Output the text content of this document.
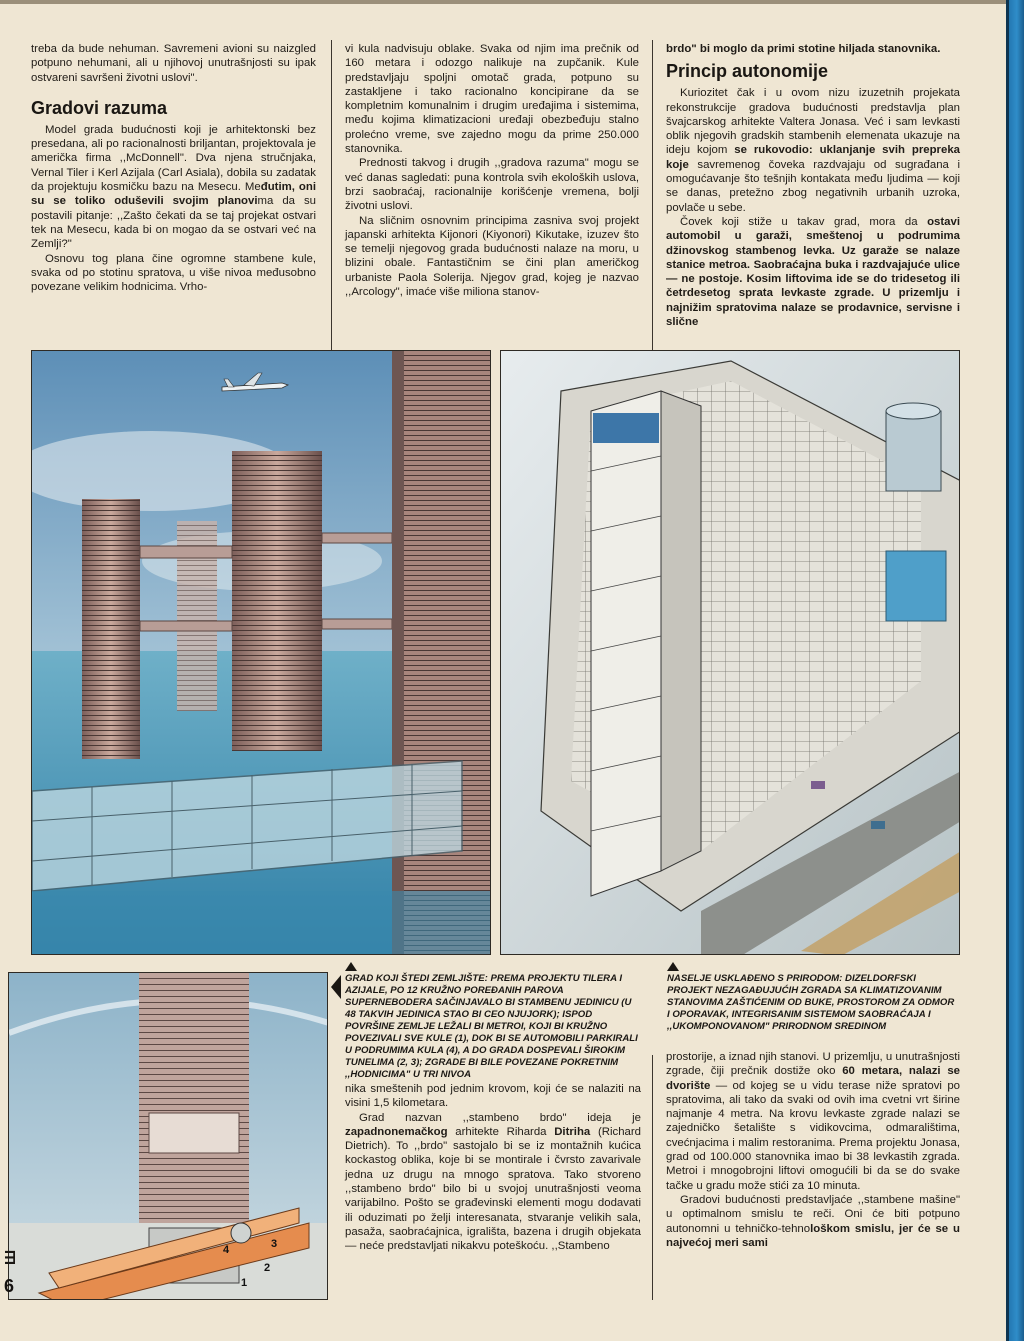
treba da bude nehuman. Savremeni avioni su naizgled potpuno nehumani, ali u njihovoj unutrašnjosti su ipak ostvareni savršeni životni uslovi".

Gradovi razuma

Model grada budućnosti koji je arhitektonski bez presedana, ali po racionalnosti briljantan, projektovala je američka firma ,,McDonnell". Dva njena stručnjaka, Vernal Tiler i Kerl Azijala (Carl Asiala), dobila su zadatak da projektuju kosmičku bazu na Mesecu. Međutim, oni su se toliko oduševili svojim planovima da su postavili pitanje: ,,Zašto čekati da se taj projekat ostvari tek na Mesecu, kada bi on mogao da se ostvari već na Zemlji?"

Osnovu tog plana čine ogromne stambene kule, svaka od po stotinu spratova, u više nivoa međusobno povezane velikim hodnicima. Vrho-

vi kula nadvisuju oblake. Svaka od njim ima prečnik od 160 metara i odozgo nalikuje na zupčanik. Kule predstavljaju spoljni omotač grada, potpuno su zastakljene i tako racionalno koncipirane da se kompletnim komunalnim i drugim uređajima i sistemima, među kojima klimatizacioni uređaji obezbeđuju stalno prolećno vreme, sve zajedno mogu da prime 250.000 stanovnika.

Prednosti takvog i drugih ,,gradova razuma" mogu se već danas sagledati: puna kontrola svih ekoloških uslova, brzi saobraćaj, racionalnije korišćenje vremena, bolji životni uslovi.

Na sličnim osnovnim principima zasniva svoj projekt japanski arhitekta Kijonori (Kiyonori) Kikutake, izuzev što se temelji njegovog grada budućnosti nalaze na moru, u blizini obale. Fantastičnim se čini plan američkog urbaniste Paola Solerija. Njegov grad, kojeg je nazvao ,,Arcology", imaće više miliona stanov-

brdo" bi moglo da primi stotine hiljada stanovnika.

Princip autonomije

Kuriozitet čak i u ovom nizu izuzetnih projekata rekonstrukcije gradova budućnosti predstavlja plan švajcarskog arhitekte Valtera Jonasa. Već i sam levkasti oblik njegovih gradskih stambenih elemenata ukazuje na ideju kojom se rukovodio: uklanjanje svih prepreka koje savremenog čoveka razdvajaju od sugrađana i omogućavanje što tešnjih kontakata među ljudima — koji se danas, pretežno zbog negativnih urbanih uzroka, povlače u sebe.

Čovek koji stiže u takav grad, mora da ostavi automobil u garaži, smeštenoj u podrumima džinovskog stambenog levka. Uz garaže se nalaze stanice metroa. Saobraćajna buka i razdvajajuće ulice — ne postoje. Kosim liftovima ide se do tridesetog ili četrdesetog sprata levkaste zgrade. U prizemlju i najnižim spratovima nalaze se prodavnice, servisne i slične

1
2
3
4
GRAD KOJI ŠTEDI ZEMLJIŠTE: PREMA PROJEKTU TILERA I AZIJALE, PO 12 KRUŽNO POREĐANIH PAROVA SUPERNEBODERA SAČINJAVALO BI STAMBENU JEDINICU (U 48 TAKVIH JEDINICA STAO BI CEO NJUJORK); ISPOD POVRŠINE ZEMLJE LEŽALI BI METROI, KOJI BI KRUŽNO POVEZIVALI SVE KULE (1), DOK BI SE AUTOMOBILI PARKIRALI U PODRUMIMA KULA (4), A DO GRADA DOSPEVALI ŠIROKIM TUNELIMA (2, 3); ZGRADE BI BILE POVEZANE POKRETNIM ,,HODNICIMA" U TRI NIVOA
NASELJE USKLAĐENO S PRIRODOM: DIZELDORFSKI PROJEKT NEZAGAĐUJUĆIH ZGRADA SA KLIMATIZOVANIM STANOVIMA ZAŠTIĆENIM OD BUKE, PROSTOROM ZA ODMOR I OPORAVAK, INTEGRISANIM SISTEMOM SAOBRAĆAJA I ,,UKOMPONOVANOM" PRIRODNOM SREDINOM

nika smeštenih pod jednim krovom, koji će se nalaziti na visini 1,5 kilometara.

Grad nazvan ,,stambeno brdo" ideja je zapadnonemačkog arhitekte Riharda Ditriha (Richard Dietrich). To ,,brdo" sastojalo bi se iz montažnih kućica kockastog oblika, koje bi se montirale i čvrsto zavarivale jedna uz drugu na mnogo spratova. Tako stvoreno ,,stambeno brdo" bilo bi u svojoj unutrašnjosti veoma varijabilno. Pošto se građevinski elementi mogu dodavati ili oduzimati po želji interesanata, stvaranje velikih sala, pasaža, saobraćajnica, igrališta, bazena i drugih objekata — neće predstavljati nikakvu poteškoću. ,,Stambeno

prostorije, a iznad njih stanovi. U prizemlju, u unutrašnjosti zgrade, čiji prečnik dostiže oko 60 metara, nalazi se dvorište — od kojeg se u vidu terase niže spratovi po spratovima, ali tako da svaki od ovih ima cvetni vrt širine najmanje 4 metra. Na krovu levkaste zgrade nalazi se zajedničko šetalište s vidikovcima, odmaralištima, cvećnjacima i malim restoranima. Prema projektu Jonasa, grad od 100.000 stanovnika imao bi 38 levkastih zgrada. Metroi i mnogobrojni liftovi omogućili bi da se do svake tačke u gradu može stići za 10 minuta.

Gradovi budućnosti predstavljaće ,,stambene mašine" u optimalnom smislu te reči. Oni će biti potpuno autonomni u tehničko-tehnološkom smislu, jer će se u najvećoj meri sami

Ш
6
